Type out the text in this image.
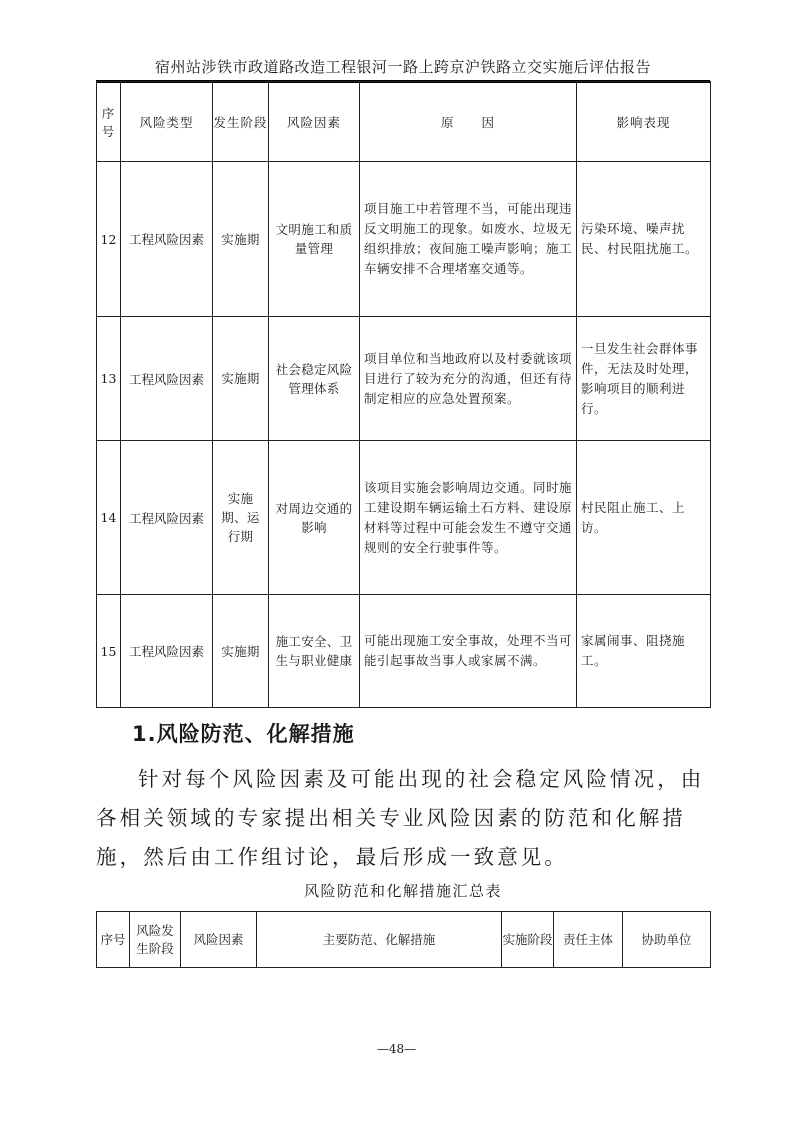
宿州站涉铁市政道路改造工程银河一路上跨京沪铁路立交实施后评估报告
序号	风险类型	发生阶段	风险因素	原　　因	影响表现
12	工程风险因素	实施期	文明施工和质量管理	项目施工中若管理不当，可能出现违反文明施工的现象。如废水、垃圾无组织排放；夜间施工噪声影响；施工车辆安排不合理堵塞交通等。	污染环境、噪声扰民、村民阻扰施工。
13	工程风险因素	实施期	社会稳定风险管理体系	项目单位和当地政府以及村委就该项目进行了较为充分的沟通，但还有待制定相应的应急处置预案。	一旦发生社会群体事件，无法及时处理，影响项目的顺利进行。
14	工程风险因素	实施期、运行期	对周边交通的影响	该项目实施会影响周边交通。同时施工建设期车辆运输土石方料、建设原材料等过程中可能会发生不遵守交通规则的安全行驶事件等。	村民阻止施工、上访。
15	工程风险因素	实施期	施工安全、卫生与职业健康	可能出现施工安全事故，处理不当可能引起事故当事人或家属不满。	家属闹事、阻挠施工。
1.风险防范、化解措施

针对每个风险因素及可能出现的社会稳定风险情况，由各相关领域的专家提出相关专业风险因素的防范和化解措施，然后由工作组讨论，最后形成一致意见。

风险防范和化解措施汇总表
序号	风险发生阶段	风险因素	主要防范、化解措施	实施阶段	责任主体	协助单位
—48—
